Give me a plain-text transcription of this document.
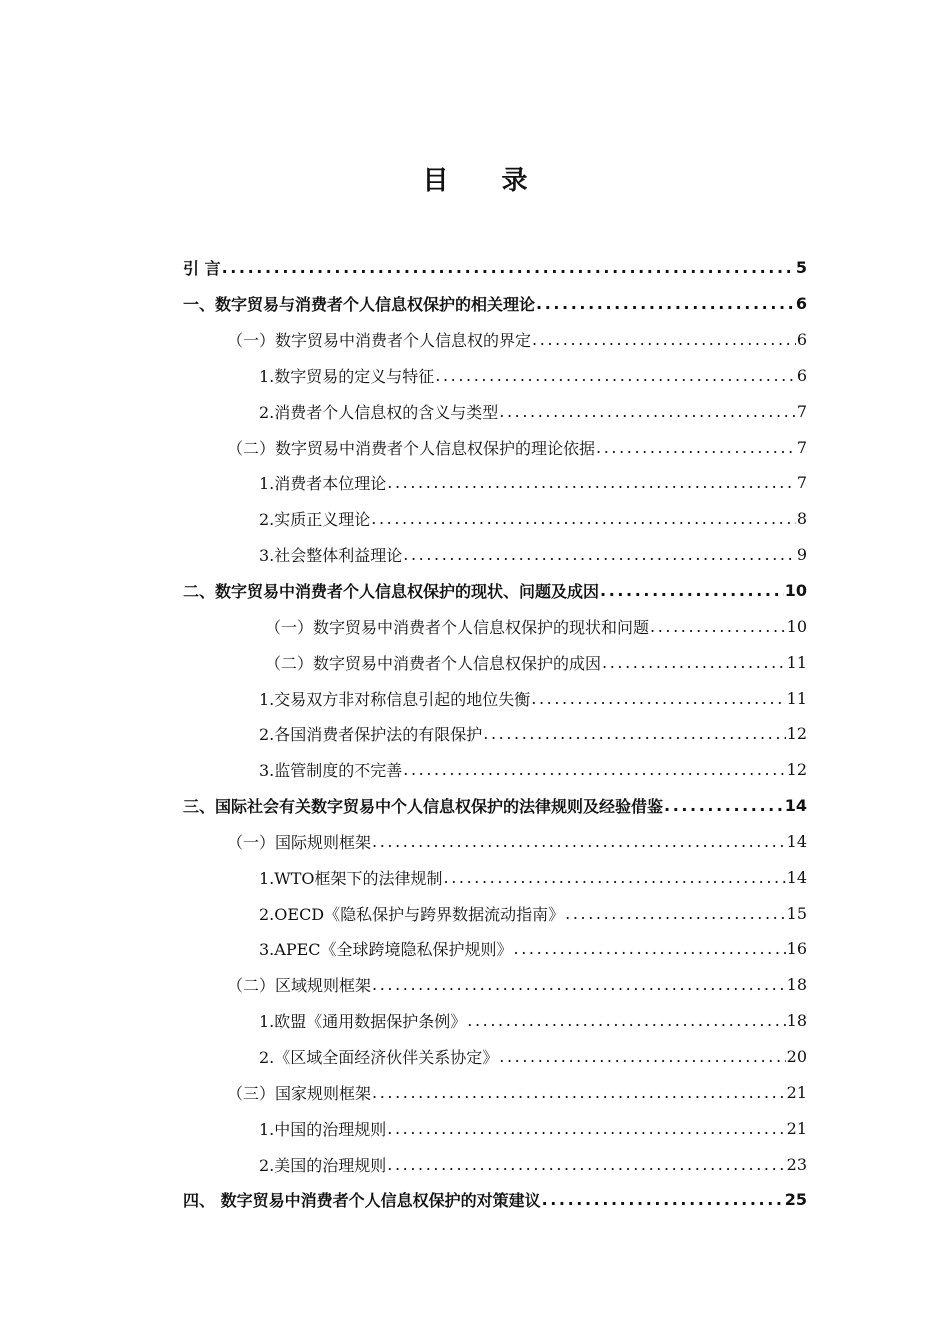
目 录
引 言 .....	5
一、数字贸易与消费者个人信息权保护的相关理论 .....	6
（一）数字贸易中消费者个人信息权的界定 .....	6
1.数字贸易的定义与特征 .....	6
2.消费者个人信息权的含义与类型 .....	7
（二）数字贸易中消费者个人信息权保护的理论依据 .....	7
1.消费者本位理论 .....	7
2.实质正义理论 .....	8
3.社会整体利益理论 .....	9
二、数字贸易中消费者个人信息权保护的现状、问题及成因 .....	10
（一）数字贸易中消费者个人信息权保护的现状和问题 .....	10
（二）数字贸易中消费者个人信息权保护的成因 .....	11
1.交易双方非对称信息引起的地位失衡 .....	11
2.各国消费者保护法的有限保护 .....	12
3.监管制度的不完善 .....	12
三、国际社会有关数字贸易中个人信息权保护的法律规则及经验借鉴 .....	14
（一）国际规则框架 .....	14
1.WTO框架下的法律规制 .....	14
2.OECD《隐私保护与跨界数据流动指南》 .....	15
3.APEC《全球跨境隐私保护规则》 .....	16
（二）区域规则框架 .....	18
1.欧盟《通用数据保护条例》 .....	18
2.《区域全面经济伙伴关系协定》 .....	20
（三）国家规则框架 .....	21
1.中国的治理规则 .....	21
2.美国的治理规则 .....	23
四、 数字贸易中消费者个人信息权保护的对策建议 .....	25
